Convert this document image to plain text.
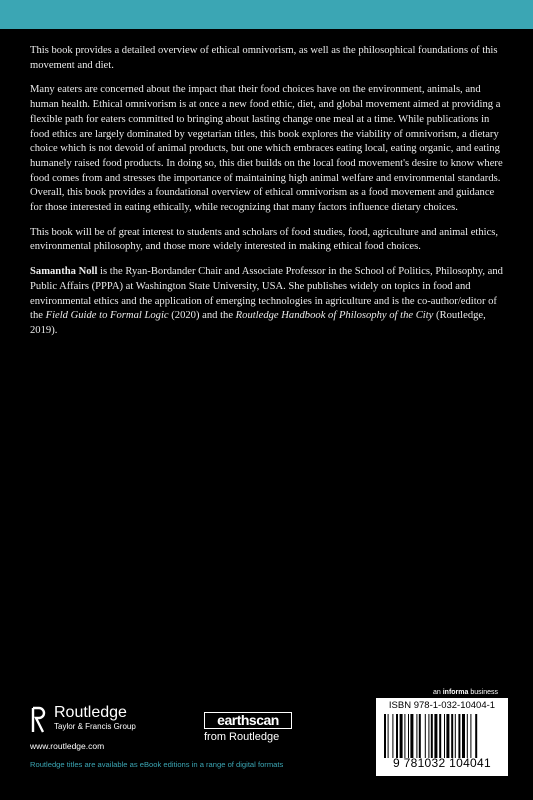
This book provides a detailed overview of ethical omnivorism, as well as the philosophical foundations of this movement and diet.

Many eaters are concerned about the impact that their food choices have on the environment, animals, and human health. Ethical omnivorism is at once a new food ethic, diet, and global movement aimed at providing a flexible path for eaters committed to bringing about lasting change one meal at a time. While publications in food ethics are largely dominated by vegetarian titles, this book explores the viability of omnivorism, a dietary choice which is not devoid of animal products, but one which embraces eating local, eating organic, and eating humanely raised food products. In doing so, this diet builds on the local food movement's desire to know where food comes from and stresses the importance of maintaining high animal welfare and environmental standards. Overall, this book provides a foundational overview of ethical omnivorism as a food movement and guidance for those interested in eating ethically, while recognizing that many factors influence dietary choices.

This book will be of great interest to students and scholars of food studies, food, agriculture and animal ethics, environmental philosophy, and those more widely interested in making ethical food choices.

Samantha Noll is the Ryan-Bordander Chair and Associate Professor in the School of Politics, Philosophy, and Public Affairs (PPPA) at Washington State University, USA. She publishes widely on topics in food and environmental ethics and the application of emerging technologies in agriculture and is the co-author/editor of the Field Guide to Formal Logic (2020) and the Routledge Handbook of Philosophy of the City (Routledge, 2019).

Routledge
Taylor & Francis Group
www.routledge.com
earthscan
from Routledge
Routledge titles are available as eBook editions in a range of digital formats
an informa business
ISBN 978-1-032-10404-1
9 781032 104041
